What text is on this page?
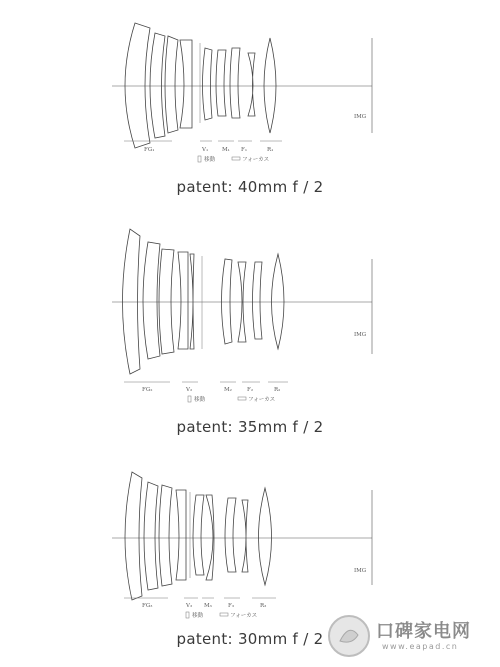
FG₁	V₁	M₁ F₁	R₁
移動	フォーカス
IMG
patent: 40mm f / 2
FG₂	V₂	M₂	F₂	R₂
移動	フォーカス
IMG
patent: 35mm f / 2
FG₃	V₃ M₃	F₃	R₃
移動	フォーカス
IMG
patent: 30mm f / 2	口碑家电网
www.eapad.cn
